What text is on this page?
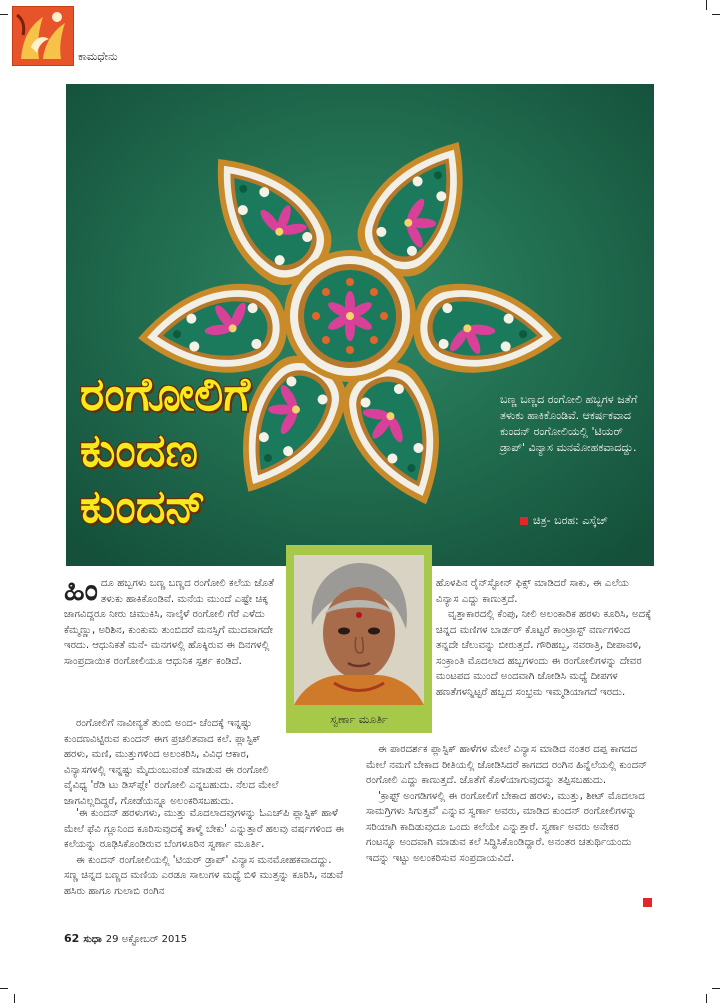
ಕಾಮಧೇನು
ರಂಗೋಲಿಗೆ
ಕುಂದಣ
ಕುಂದನ್
ಬಣ್ಣ ಬಣ್ಣದ ರಂಗೋಲಿ ಹಬ್ಬಗಳ ಜತೆಗೆ ತಳುಕು ಹಾಕಿಕೊಂಡಿವೆ. ಆಕರ್ಷಕವಾದ ಕುಂದನ್ ರಂಗೋಲಿಯಲ್ಲಿ 'ಟಿಯರ್ ಡ್ರಾಪ್' ವಿನ್ಯಾಸ ಮನಮೋಹಕವಾದದ್ದು.
ಚಿತ್ರ- ಬರಹ: ಎಸ್ಕೆಚ್
ಸ್ವರ್ಣಾ ಮೂರ್ತಿ

ಹಿಂದೂ ಹಬ್ಬಗಳು ಬಣ್ಣ ಬಣ್ಣದ ರಂಗೋಲಿ ಕಲೆಯ ಜೊತೆ ತಳುಕು ಹಾಕಿಕೊಂಡಿವೆ. ಮನೆಯ ಮುಂದೆ ಎಷ್ಟೇ ಚಿಕ್ಕ ಜಾಗವಿದ್ದರೂ ನೀರು ಚಿಮುಕಿಸಿ, ನಾಲ್ಕೆಳೆ ರಂಗೋಲಿ ಗೆರೆ ಎಳೆದು ಕೆಮ್ಮಣ್ಣು, ಅರಿಶಿನ, ಕುಂಕುಮ ತುಂಬಿದರೆ ಮನಸ್ಸಿಗೆ ಮುದವಾಗದೇ ಇರದು. ಆಧುನಿಕತೆ ಮನೆ- ಮನಗಳಲ್ಲಿ ಹೊಕ್ಕಿರುವ ಈ ದಿನಗಳಲ್ಲಿ ಸಾಂಪ್ರದಾಯಿಕ ರಂಗೋಲಿಯೂ ಆಧುನಿಕ ಸ್ಪರ್ಶ ಕಂಡಿದೆ.

ರಂಗೋಲಿಗೆ ನಾವೀನ್ಯತೆ ತುಂಬಿ ಅಂದ- ಚೆಂದಕ್ಕೆ ಇನ್ನಷ್ಟು ಕುಂದಣವಿಟ್ಟಿರುವ ಕುಂದನ್ ಈಗ ಪ್ರಚಲಿತವಾದ ಕಲೆ. ಪ್ಲಾಸ್ಟಿಕ್ ಹರಳು, ಮಣಿ, ಮುತ್ತುಗಳಿಂದ ಅಲಂಕರಿಸಿ, ವಿವಿಧ ಆಕಾರ, ವಿನ್ಯಾಸಗಳಲ್ಲಿ ಇನ್ನಷ್ಟು ಮೈದುಂಬುವಂತೆ ಮಾಡುವ ಈ ರಂಗೋಲಿ ವೈವಿಧ್ಯ 'ರೆಡಿ ಟು ಡಿಸ್‌ಪ್ಲೇ' ರಂಗೋಲಿ ಎನ್ನಬಹುದು. ನೆಲದ ಮೇಲೆ ಜಾಗವಿಲ್ಲದಿದ್ದರೆ, ಗೋಡೆಯನ್ನೂ ಅಲಂಕರಿಸಬಹುದು.

'ಈ ಕುಂದನ್ ಹರಳುಗಳು, ಮುತ್ತು ಮೊದಲಾದವುಗಳನ್ನು ಓಎಚ್‌ಪಿ ಪ್ಲಾಸ್ಟಿಕ್ ಹಾಳೆ ಮೇಲೆ ಫೆವಿ ಗ್ಲೂನಿಂದ ಕೂರಿಸುವುದಕ್ಕೆ ತಾಳ್ಮೆ ಬೇಕು' ಎನ್ನುತ್ತಾರೆ ಹಲವು ವರ್ಷಗಳಿಂದ ಈ ಕಲೆಯನ್ನು ರೂಢಿಸಿಕೊಂಡಿರುವ ಬೆಂಗಳೂರಿನ ಸ್ವರ್ಣಾ ಮೂರ್ತಿ.

ಈ ಕುಂದನ್ ರಂಗೋಲಿಯಲ್ಲಿ 'ಟಿಯರ್ ಡ್ರಾಪ್' ವಿನ್ಯಾಸ ಮನಮೋಹಕವಾದದ್ದು. ಸಣ್ಣ ಚಿನ್ನದ ಬಣ್ಣದ ಮಣಿಯ ಎರಡೂ ಸಾಲುಗಳ ಮಧ್ಯೆ ಬಿಳಿ ಮುತ್ತನ್ನು ಕೂರಿಸಿ, ನಡುವೆ ಹಸಿರು ಹಾಗೂ ಗುಲಾಬಿ ರಂಗಿನ

ಹೊಳಪಿನ ರೈನ್‌ಸ್ಟೋನ್ ಫಿಕ್ಸ್ ಮಾಡಿದರೆ ಸಾಕು, ಈ ಎಲೆಯ ವಿನ್ಯಾಸ ಎದ್ದು ಕಾಣುತ್ತದೆ.

ವೃತ್ತಾಕಾರದಲ್ಲಿ ಕೆಂಪು, ನೀಲಿ ಅಲಂಕಾರಿಕ ಹರಳು ಕೂರಿಸಿ, ಅದಕ್ಕೆ ಚಿನ್ನದ ಮಣಿಗಳ ಬಾರ್ಡರ್ ಕೊಟ್ಟರೆ ಕಾಂಟ್ರಾಸ್ಟ್ ವರ್ಣಗಳಿಂದ ತನ್ನದೇ ಚೆಲುವನ್ನು ಬೀರುತ್ತದೆ. ಗೌರಿಹಬ್ಬ, ನವರಾತ್ರಿ, ದೀಪಾವಳಿ, ಸಂಕ್ರಾಂತಿ ಮೊದಲಾದ ಹಬ್ಬಗಳಂದು ಈ ರಂಗೋಲಿಗಳನ್ನು ದೇವರ ಮಂಟಪದ ಮುಂದೆ ಅಂದವಾಗಿ ಜೋಡಿಸಿ ಮಧ್ಯೆ ದೀಪಗಳ ಹಣತೆಗಳನ್ನಿಟ್ಟರೆ ಹಬ್ಬದ ಸಂಭ್ರಮ ಇಮ್ಮಡಿಯಾಗದೆ ಇರದು.

ಈ ಪಾರದರ್ಶಕ ಪ್ಲಾಸ್ಟಿಕ್ ಹಾಳೆಗಳ ಮೇಲೆ ವಿನ್ಯಾಸ ಮಾಡಿದ ನಂತರ ದಪ್ಪ ಕಾಗದದ ಮೇಲೆ ನಮಗೆ ಬೇಕಾದ ರೀತಿಯಲ್ಲಿ ಜೋಡಿಸಿದರೆ ಕಾಗದದ ರಂಗಿನ ಹಿನ್ನೆಲೆಯಲ್ಲಿ ಕುಂದನ್ ರಂಗೋಲಿ ಎದ್ದು ಕಾಣುತ್ತದೆ. ಜೊತೆಗೆ ಕೊಳೆಯಾಗುವುದನ್ನು ತಪ್ಪಿಸಬಹುದು.

'ಕ್ರಾಫ್ಟ್ ಅಂಗಡಿಗಳಲ್ಲಿ ಈ ರಂಗೋಲಿಗೆ ಬೇಕಾದ ಹರಳು, ಮುತ್ತು, ಶೀಟ್ ಮೊದಲಾದ ಸಾಮಗ್ರಿಗಳು ಸಿಗುತ್ತವೆ' ಎನ್ನುವ ಸ್ವರ್ಣಾ ಅವರು, ಮಾಡಿದ ಕುಂದನ್ ರಂಗೋಲಿಗಳನ್ನು ಸರಿಯಾಗಿ ಕಾದಿಡುವುದೂ ಒಂದು ಕಲೆಯೇ ಎನ್ನುತ್ತಾರೆ. ಸ್ವರ್ಣಾ ಅವರು ಅನೇಕರ ಗಂಟನ್ನೂ ಅಂದವಾಗಿ ಮಾಡುವ ಕಲೆ ಸಿದ್ಧಿಸಿಕೊಂಡಿದ್ದಾರೆ. ಅನಂತರ ಚತುರ್ಥಿಯಂದು ಇದನ್ನು ಇಟ್ಟು ಅಲಂಕರಿಸುವ ಸಂಪ್ರದಾಯವಿದೆ.

62 ಸುಧಾ 29 ಅಕ್ಟೋಬರ್ 2015
